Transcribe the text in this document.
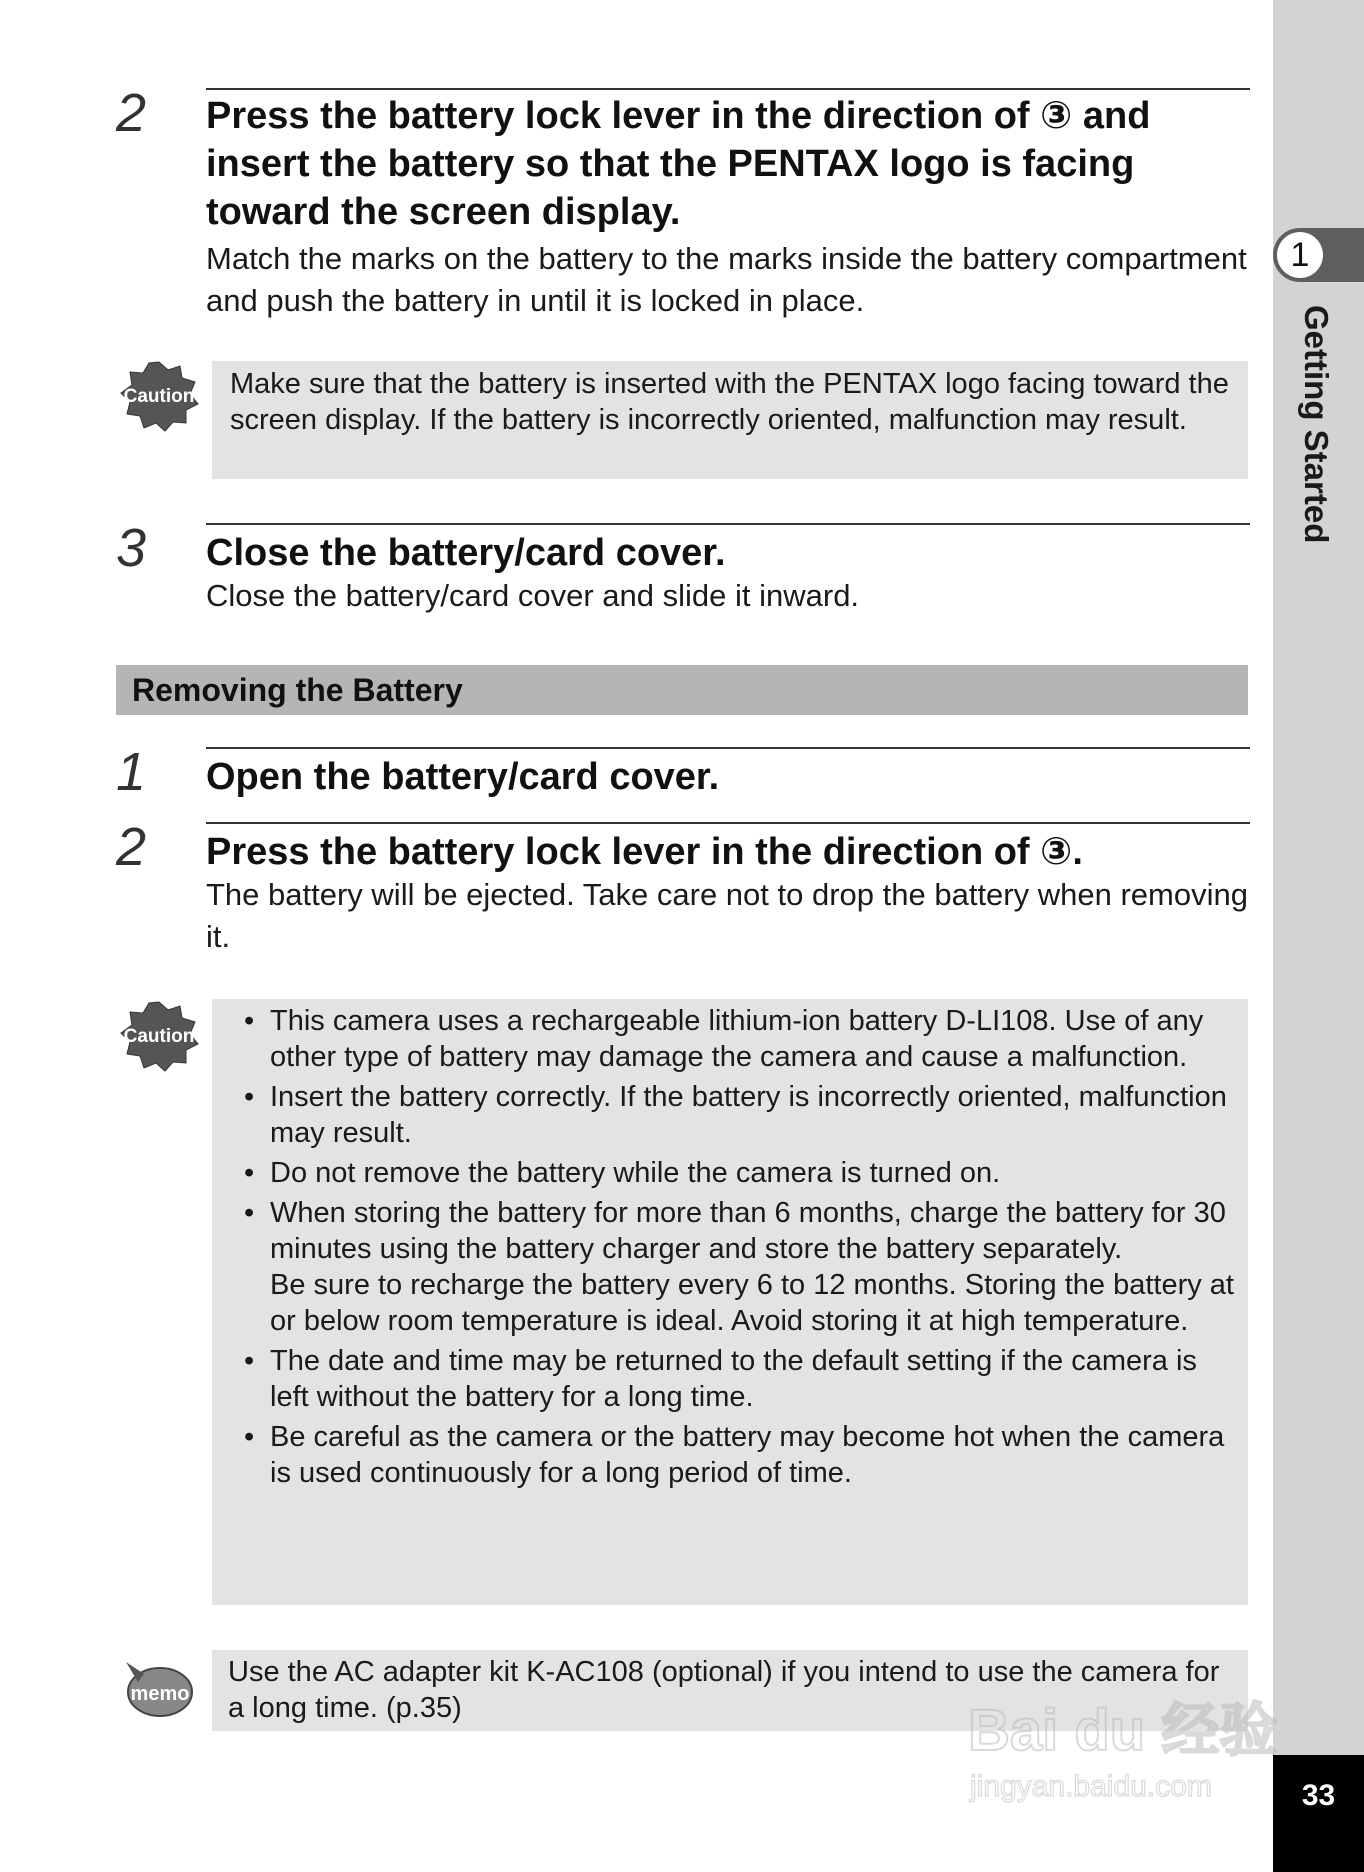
1
Getting Started
33
2	Press the battery lock lever in the direction of ③ and insert the battery so that the PENTAX logo is facing toward the screen display.

Match the marks on the battery to the marks inside the battery compartment and push the battery in until it is locked in place.

Caution	Make sure that the battery is inserted with the PENTAX logo facing toward the screen display. If the battery is incorrectly oriented, malfunction may result.
3	Close the battery/card cover.

Close the battery/card cover and slide it inward.

Removing the Battery
1	Open the battery/card cover.
2	Press the battery lock lever in the direction of ③.

The battery will be ejected. Take care not to drop the battery when removing it.

Caution
•	This camera uses a rechargeable lithium-ion battery D-LI108. Use of any other type of battery may damage the camera and cause a malfunction.
• Insert the battery correctly. If the battery is incorrectly oriented, malfunction may result.
• Do not remove the battery while the camera is turned on.
• When storing the battery for more than 6 months, charge the battery for 30 minutes using the battery charger and store the battery separately.
Be sure to recharge the battery every 6 to 12 months. Storing the battery at or below room temperature is ideal. Avoid storing it at high temperature.
• The date and time may be returned to the default setting if the camera is left without the battery for a long time.
• Be careful as the camera or the battery may become hot when the camera is used continuously for a long period of time.
memo
Use the AC adapter kit K-AC108 (optional) if you intend to use the camera for a long time. (p.35)	Bai du 经验
jingyan.baidu.com
